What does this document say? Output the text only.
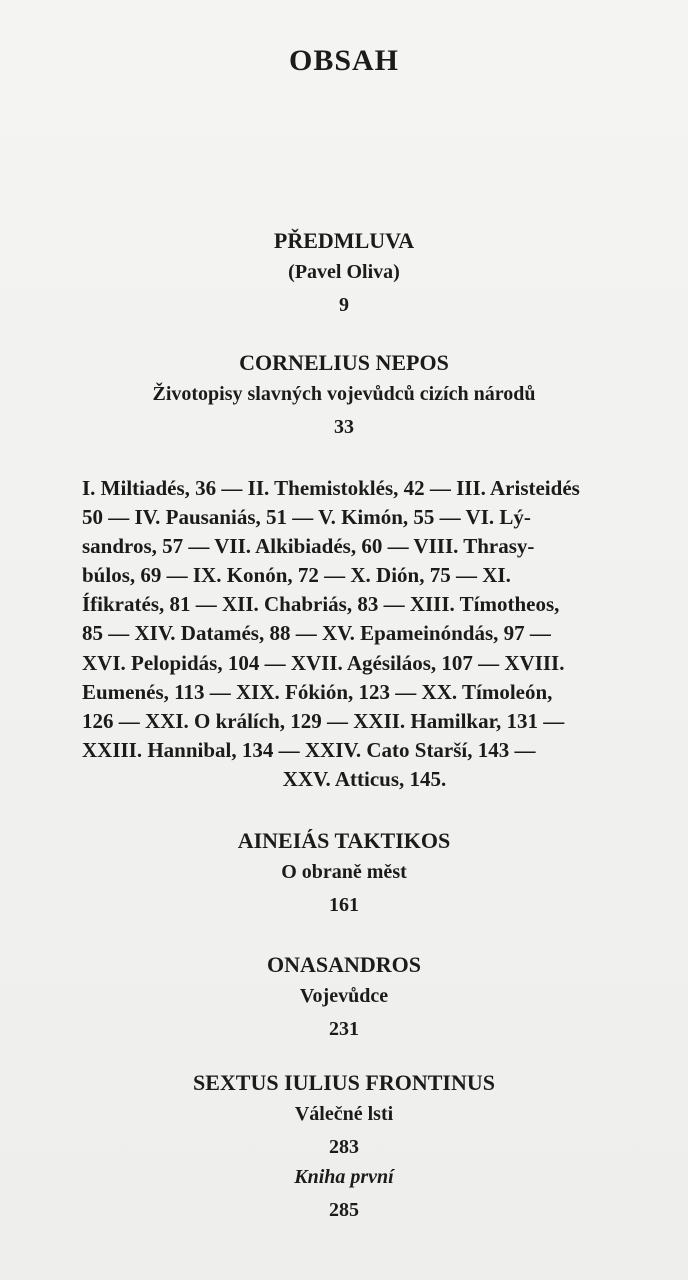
OBSAH

PŘEDMLUVA

(Pavel Oliva)

9

CORNELIUS NEPOS

Životopisy slavných vojevůdců cizích národů

33

I. Miltiadés, 36 — II. Themistoklés, 42 — III. Aristeidés
50 — IV. Pausaniás, 51 — V. Kimón, 55 — VI. Lý-
sandros, 57 — VII. Alkibiadés, 60 — VIII. Thrasy-
búlos, 69 — IX. Konón, 72 — X. Dión, 75 — XI.
Ífikratés, 81 — XII. Chabriás, 83 — XIII. Tímotheos,
85 — XIV. Datamés, 88 — XV. Epameinóndás, 97 —
XVI. Pelopidás, 104 — XVII. Agésiláos, 107 — XVIII.
Eumenés, 113 — XIX. Fókión, 123 — XX. Tímoleón,
126 — XXI. O králích, 129 — XXII. Hamilkar, 131 —
XXIII. Hannibal, 134 — XXIV. Cato Starší, 143 —
XXV. Atticus, 145.

AINEIÁS TAKTIKOS

O obraně měst

161

ONASANDROS

Vojevůdce

231

SEXTUS IULIUS FRONTINUS

Válečné lsti

283

Kniha první

285
